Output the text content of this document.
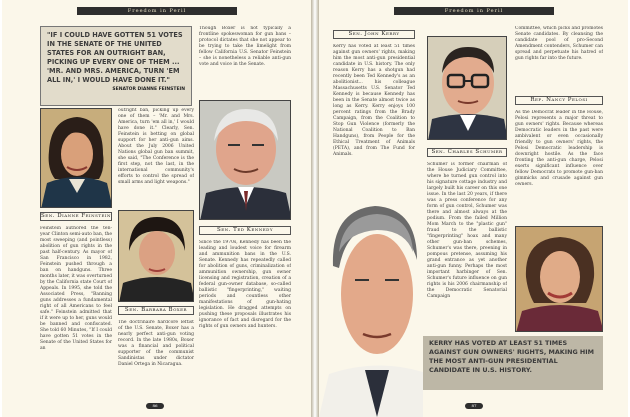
Freedom in Peril
"IF I COULD HAVE GOTTEN 51 VOTES IN THE SENATE OF THE UNITED STATES FOR AN OUTRIGHT BAN, PICKING UP EVERY ONE OF THEM ... 'MR. AND MRS. AMERICA, TURN 'EM ALL IN,' I WOULD HAVE DONE IT."
SENATOR DIANNE FEINSTEIN
Though Boxer is not typically a frontline spokeswoman for gun bans – protocol dictates that she not appear to be trying to take the limelight from fellow California U.S. Senator Feinstein – she is nonetheless a reliable anti-gun vote and voice in the Senate.
outright ban, picking up every one of them – 'Mr. and Mrs. America, turn 'em all in,' I would have done it." Clearly, Sen. Feinstein is betting on global support for her anti-gun aims. About the July 2006 United Nations global gun ban summit, she said, "The Conference is the first step, not the last, in the international community's efforts to control the spread of small arms and light weapons."
Sen. Dianne Feinstein
Feinstein authored the ten-year Clinton semi-auto ban, the most sweeping (and pointless) abolition of gun rights in the past half-century. As mayor of San Francisco in 1982, Feinstein pushed through a ban on handguns. Three months later, it was overturned by the California state Court of Appeals. In 1995, she told the Associated Press, "Banning guns addresses a fundamental right of all Americans to feel safe." Feinstein admitted that if it were up to her, guns would be banned and confiscated. She told 60 Minutes, "If I could have gotten 51 votes in the Senate of the United States for an
Sen. Barbara Boxer
The doctrinaire hardcore leftist of the U.S. Senate, Boxer has a nearly perfect anti-gun voting record. In the late 1980s, Boxer was a financial and political supporter of the communist Sandinistas under dictator Daniel Ortega in Nicaragua.
Sen. Ted Kennedy
Since the 1970s, Kennedy has been the leading and loudest voice for firearm and ammunition bans in the U.S. Senate. Kennedy has repeatedly called for abolition of guns, criminalization of ammunition ownership, gun owner licensing and registration, creation of a federal gun-owner database, so-called ballistic "fingerprinting," waiting periods and countless other manifestations of gun-hating legislation. He dragged attempts on pushing these proposals illustrates his ignorance of fact and disregard for the rights of gun owners and hunters.
86
Freedom in Peril
Sen. John Kerry
Kerry has voted at least 51 times against gun owners' rights, making him the most anti-gun presidential candidate in U.S. history. The only reason Kerry has a shotgun had recently been Ted Kennedy's as an abolitionist... his colleague Massachusetts U.S. Senator Ted Kennedy is because Kennedy has been in the Senate almost twice as long as Kerry. Kerry enjoys 100 percent ratings from the Brady Campaign, from the Coalition to Stop Gun Violence (formerly the National Coalition to Ban Handguns), from People for the Ethical Treatment of Animals (PETA), and from The Fund for Animals.
Committee, which picks and promotes Senate candidates. By cleansing the candidate pool of pro-Second Amendment contenders, Schumer can spread and perpetuate his hatred of gun rights far into the future.
Rep. Nancy Pelosi
As the Democrat leader in the House, Pelosi represents a major threat to gun owners' rights. Because whereas Democratic leaders in the past were ambivalent or even occasionally friendly to gun owners' rights, the Pelosi Democratic leadership is downright hostile. As the face fronting the anti-gun charge, Pelosi exerts significant influence over fellow Democrats to promote gun-ban gimmicks and crusade against gun owners.
Sen. Charles Schumer
Schumer is former chairman of the House Judiciary Committee, where he turned gun control into his signature cottage industry and largely built his career on this one issue. In the last 20 years, if there was a press conference for any form of gun control, Schumer was there and almost always at the podium. From the failed Million Mom March to the "plastic gun" fraud to the ballistic "fingerprinting" hoax and many other gun-ban schemes, Schumer's was there, preening in pompous pretense, assuming his grand entrance as yet another anti-gun funny. Perhaps the most important harbinger of Sen. Schumer's future influence on gun rights is his 2006 chairmanship of the Democratic Senatorial Campaign
KERRY HAS VOTED AT LEAST 51 TIMES AGAINST GUN OWNERS' RIGHTS, MAKING HIM THE MOST ANTI-GUN PRESIDENTIAL CANDIDATE IN U.S. HISTORY.
87
